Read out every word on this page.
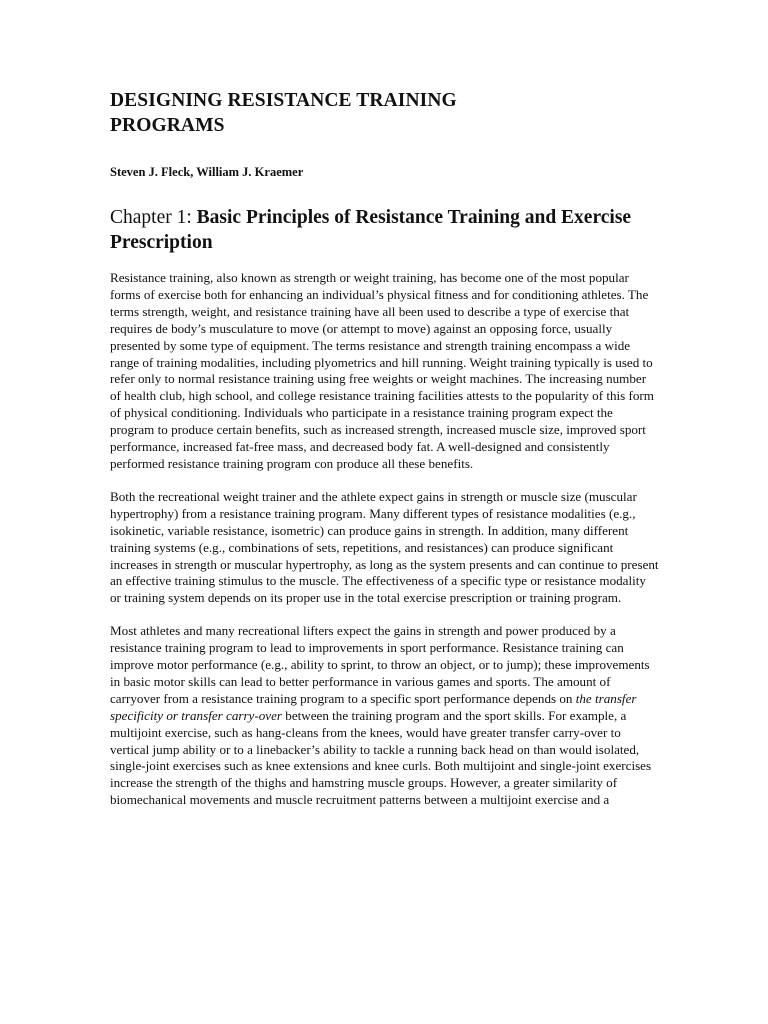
DESIGNING RESISTANCE TRAINING
PROGRAMS

Steven J. Fleck, William J. Kraemer

Chapter 1: Basic Principles of Resistance Training and Exercise Prescription

Resistance training, also known as strength or weight training, has become one of the most popular forms of exercise both for enhancing an individual’s physical fitness and for conditioning athletes. The terms strength, weight, and resistance training have all been used to describe a type of exercise that requires de body’s musculature to move (or attempt to move) against an opposing force, usually presented by some type of equipment. The terms resistance and strength training encompass a wide range of training modalities, including plyometrics and hill running. Weight training typically is used to refer only to normal resistance training using free weights or weight machines. The increasing number of health club, high school, and college resistance training facilities attests to the popularity of this form of physical conditioning. Individuals who participate in a resistance training program expect the program to produce certain benefits, such as increased strength, increased muscle size, improved sport performance, increased fat-free mass, and decreased body fat. A well-designed and consistently performed resistance training program con produce all these benefits.

Both the recreational weight trainer and the athlete expect gains in strength or muscle size (muscular hypertrophy) from a resistance training program. Many different types of resistance modalities (e.g., isokinetic, variable resistance, isometric) can produce gains in strength. In addition, many different training systems (e.g., combinations of sets, repetitions, and resistances) can produce significant increases in strength or muscular hypertrophy, as long as the system presents and can continue to present an effective training stimulus to the muscle. The effectiveness of a specific type or resistance modality or training system depends on its proper use in the total exercise prescription or training program.

Most athletes and many recreational lifters expect the gains in strength and power produced by a resistance training program to lead to improvements in sport performance. Resistance training can improve motor performance (e.g., ability to sprint, to throw an object, or to jump); these improvements in basic motor skills can lead to better performance in various games and sports. The amount of carryover from a resistance training program to a specific sport performance depends on the transfer specificity or transfer carry-over between the training program and the sport skills. For example, a multijoint exercise, such as hang-cleans from the knees, would have greater transfer carry-over to vertical jump ability or to a linebacker’s ability to tackle a running back head on than would isolated, single-joint exercises such as knee extensions and knee curls. Both multijoint and single-joint exercises increase the strength of the thighs and hamstring muscle groups. However, a greater similarity of biomechanical movements and muscle recruitment patterns between a multijoint exercise and a
